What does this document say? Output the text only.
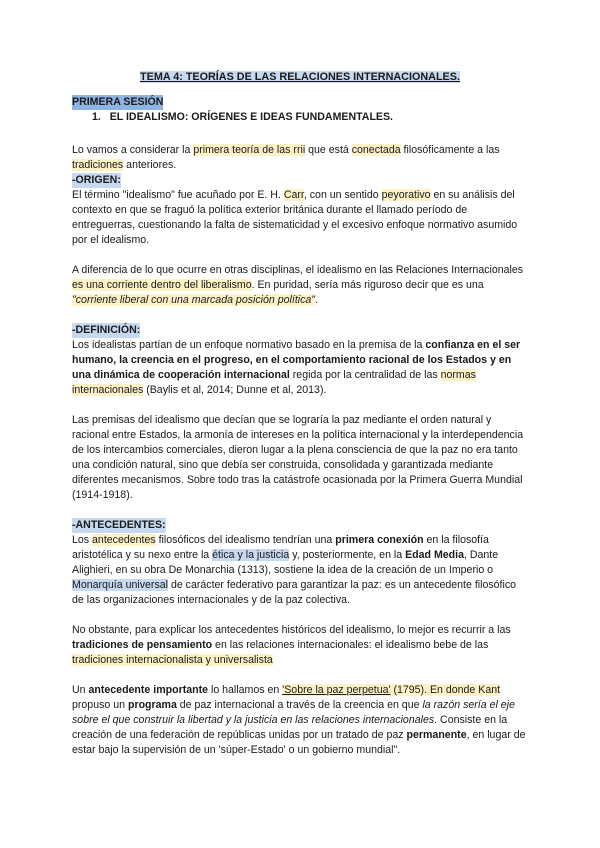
TEMA 4: TEORÍAS DE LAS RELACIONES INTERNACIONALES.
PRIMERA SESIÓN
1. EL IDEALISMO: ORÍGENES E IDEAS FUNDAMENTALES.

Lo vamos a considerar la primera teoría de las rrii que está conectada filosóficamente a las tradiciones anteriores.

-ORIGEN:

El término "idealismo" fue acuñado por E. H. Carr, con un sentido peyorativo en su análisis del contexto en que se fraguó la política exterior británica durante el llamado período de entreguerras, cuestionando la falta de sistematicidad y el excesivo enfoque normativo asumido por el idealismo.

A diferencia de lo que ocurre en otras disciplinas, el idealismo en las Relaciones Internacionales es una corriente dentro del liberalismo. En puridad, sería más riguroso decir que es una "corriente liberal con una marcada posición política".

-DEFINICIÓN:

Los idealistas partían de un enfoque normativo basado en la premisa de la confianza en el ser humano, la creencia en el progreso, en el comportamiento racional de los Estados y en una dinámica de cooperación internacional regida por la centralidad de las normas internacionales (Baylis et al, 2014; Dunne et al, 2013).

Las premisas del idealismo que decían que se lograría la paz mediante el orden natural y racional entre Estados, la armonía de intereses en la política internacional y la interdependencia de los intercambios comerciales, dieron lugar a la plena consciencia de que la paz no era tanto una condición natural, sino que debía ser construida, consolidada y garantizada mediante diferentes mecanismos. Sobre todo tras la catástrofe ocasionada por la Primera Guerra Mundial (1914-1918).

-ANTECEDENTES:

Los antecedentes filosóficos del idealismo tendrían una primera conexión en la filosofía aristotélica y su nexo entre la ética y la justicia y, posteriormente, en la Edad Media, Dante Alighieri, en su obra De Monarchia (1313), sostiene la idea de la creación de un Imperio o Monarquía universal de carácter federativo para garantizar la paz: es un antecedente filosófico de las organizaciones internacionales y de la paz colectiva.

No obstante, para explicar los antecedentes históricos del idealismo, lo mejor es recurrir a las tradiciones de pensamiento en las relaciones internacionales: el idealismo bebe de las tradiciones internacionalista y universalista

Un antecedente importante lo hallamos en 'Sobre la paz perpetua' (1795). En donde Kant propuso un programa de paz internacional a través de la creencia en que la razón sería el eje sobre el que construir la libertad y la justicia en las relaciones internacionales. Consiste en la creación de una federación de repúblicas unidas por un tratado de paz permanente, en lugar de estar bajo la supervisión de un 'súper-Estado' o un gobierno mundial".
